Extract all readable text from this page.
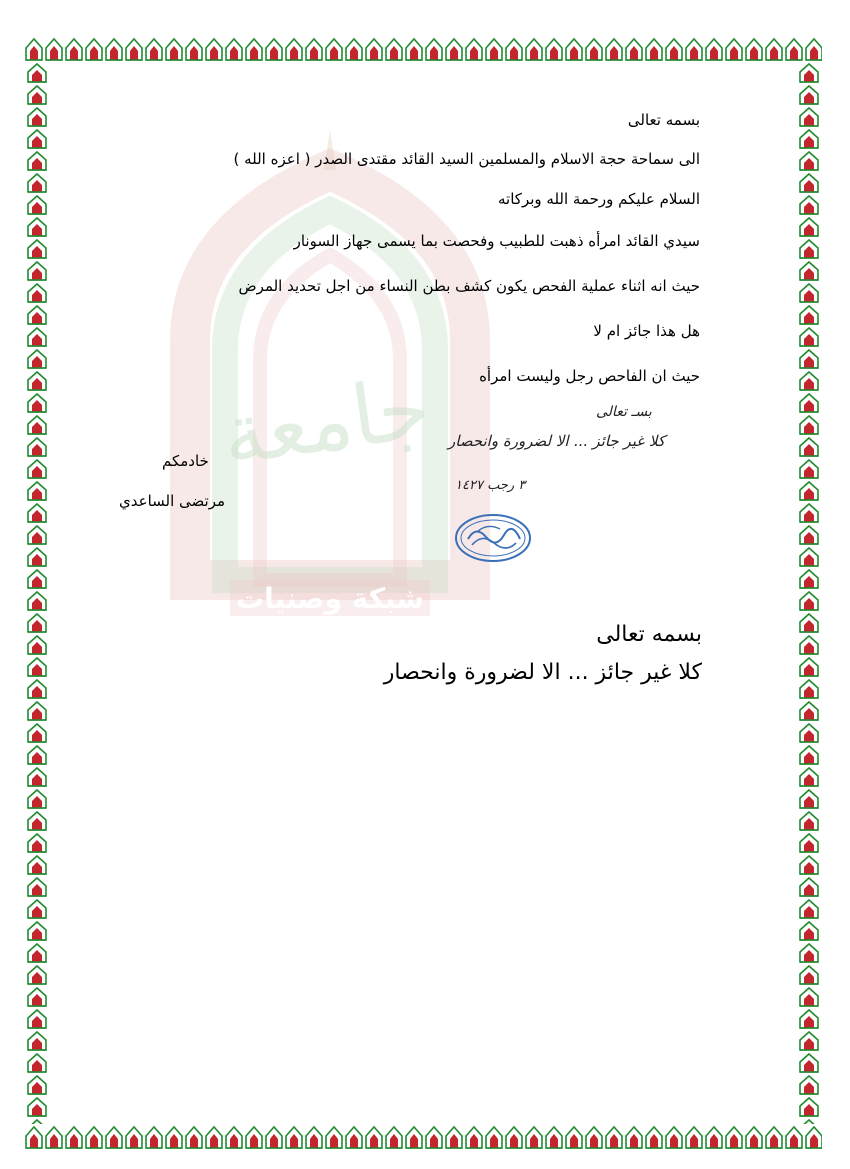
جامعة
شبكة وصنيات
بسمه تعالى
الى سماحة حجة الاسلام والمسلمين السيد القائد مقتدى الصدر ( اعزه الله )
السلام عليكم ورحمة الله وبركاته
سيدي القائد امرأه ذهبت للطبيب وفحصت بما يسمى جهاز السونار
حيث انه اثناء عملية الفحص يكون كشف بطن النساء من اجل تحديد المرض
هل هذا جائز ام لا
حيث ان الفاحص رجل وليست امرأه
خادمكم
مرتضى الساعدي
بسـ تعالى
كلا غير جائز ... الا لضرورة وانحصار
٣ رجب ١٤٢٧
بسمه تعالى
كلا غير جائز ... الا لضرورة وانحصار
